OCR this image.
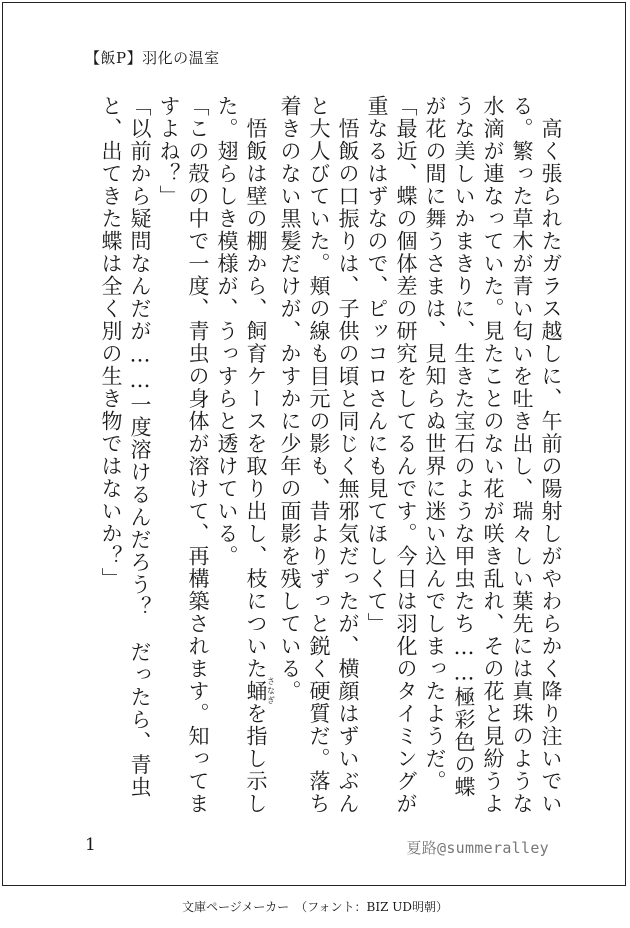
【飯P】羽化の温室

　高く張られたガラス越しに、午前の陽射しがやわらかく降り注いでいる。繁った草木が青い匂いを吐き出し、瑞々しい葉先には真珠のような水滴が連なっていた。見たことのない花が咲き乱れ、その花と見紛うような美しいかまきりに、生きた宝石のような甲虫たち……極彩色の蝶が花の間に舞うさまは、見知らぬ世界に迷い込んでしまったようだ。

「最近、蝶の個体差の研究をしてるんです。今日は羽化のタイミングが重なるはずなので、ピッコロさんにも見てほしくて」

　悟飯の口振りは、子供の頃と同じく無邪気だったが、横顔はずいぶんと大人びていた。頬の線も目元の影も、昔よりずっと鋭く硬質だ。落ち着きのない黒髪だけが、かすかに少年の面影を残している。

　悟飯は壁の棚から、飼育ケースを取り出し、枝についた蛹さなぎを指し示した。翅らしき模様が、うっすらと透けている。

「この殻の中で一度、青虫の身体が溶けて、再構築されます。知ってますよね？」

「以前から疑問なんだが……一度溶けるんだろう？　だったら、青虫と、出てきた蝶は全く別の生き物ではないか？」

1	夏路@summeralley
文庫ページメーカー　（フォント：BIZ UD明朝）
